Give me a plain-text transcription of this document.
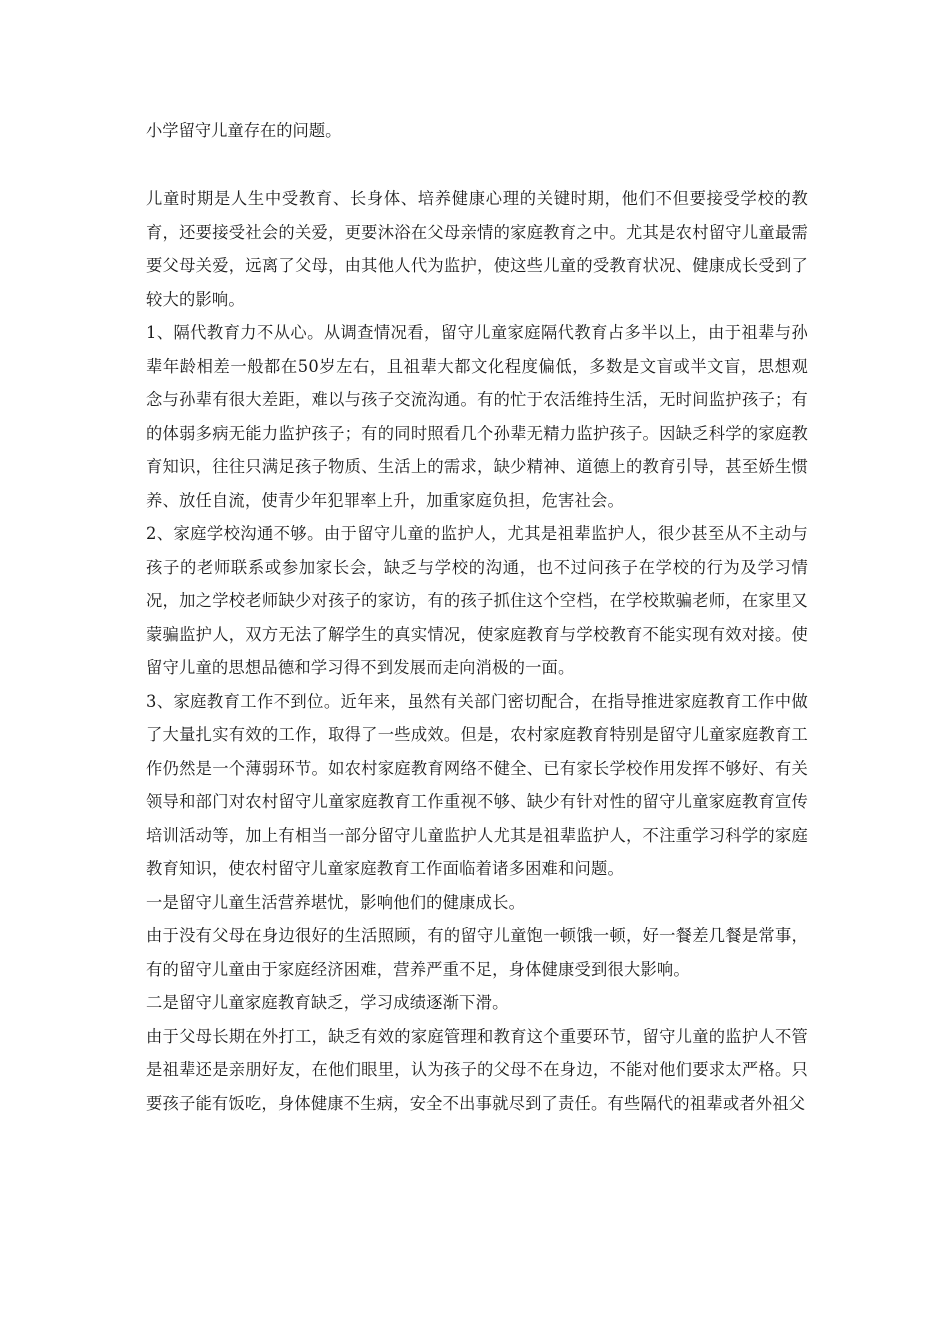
小学留守儿童存在的问题。

儿童时期是人生中受教育、长身体、培养健康心理的关键时期，他们不但要接受学校的教育，还要接受社会的关爱，更要沐浴在父母亲情的家庭教育之中。尤其是农村留守儿童最需要父母关爱，远离了父母，由其他人代为监护，使这些儿童的受教育状况、健康成长受到了较大的影响。

1、隔代教育力不从心。从调查情况看，留守儿童家庭隔代教育占多半以上，由于祖辈与孙辈年龄相差一般都在50岁左右，且祖辈大都文化程度偏低，多数是文盲或半文盲，思想观念与孙辈有很大差距，难以与孩子交流沟通。有的忙于农活维持生活，无时间监护孩子；有的体弱多病无能力监护孩子；有的同时照看几个孙辈无精力监护孩子。因缺乏科学的家庭教育知识，往往只满足孩子物质、生活上的需求，缺少精神、道德上的教育引导，甚至娇生惯养、放任自流，使青少年犯罪率上升，加重家庭负担，危害社会。

2、家庭学校沟通不够。由于留守儿童的监护人，尤其是祖辈监护人，很少甚至从不主动与孩子的老师联系或参加家长会，缺乏与学校的沟通，也不过问孩子在学校的行为及学习情况，加之学校老师缺少对孩子的家访，有的孩子抓住这个空档，在学校欺骗老师，在家里又蒙骗监护人，双方无法了解学生的真实情况，使家庭教育与学校教育不能实现有效对接。使留守儿童的思想品德和学习得不到发展而走向消极的一面。

3、家庭教育工作不到位。近年来，虽然有关部门密切配合，在指导推进家庭教育工作中做了大量扎实有效的工作，取得了一些成效。但是，农村家庭教育特别是留守儿童家庭教育工作仍然是一个薄弱环节。如农村家庭教育网络不健全、已有家长学校作用发挥不够好、有关领导和部门对农村留守儿童家庭教育工作重视不够、缺少有针对性的留守儿童家庭教育宣传培训活动等，加上有相当一部分留守儿童监护人尤其是祖辈监护人，不注重学习科学的家庭教育知识，使农村留守儿童家庭教育工作面临着诸多困难和问题。

一是留守儿童生活营养堪忧，影响他们的健康成长。

由于没有父母在身边很好的生活照顾，有的留守儿童饱一顿饿一顿，好一餐差几餐是常事，有的留守儿童由于家庭经济困难，营养严重不足，身体健康受到很大影响。

二是留守儿童家庭教育缺乏，学习成绩逐渐下滑。

由于父母长期在外打工，缺乏有效的家庭管理和教育这个重要环节，留守儿童的监护人不管是祖辈还是亲朋好友，在他们眼里，认为孩子的父母不在身边，不能对他们要求太严格。只要孩子能有饭吃，身体健康不生病，安全不出事就尽到了责任。有些隔代的祖辈或者外祖父
